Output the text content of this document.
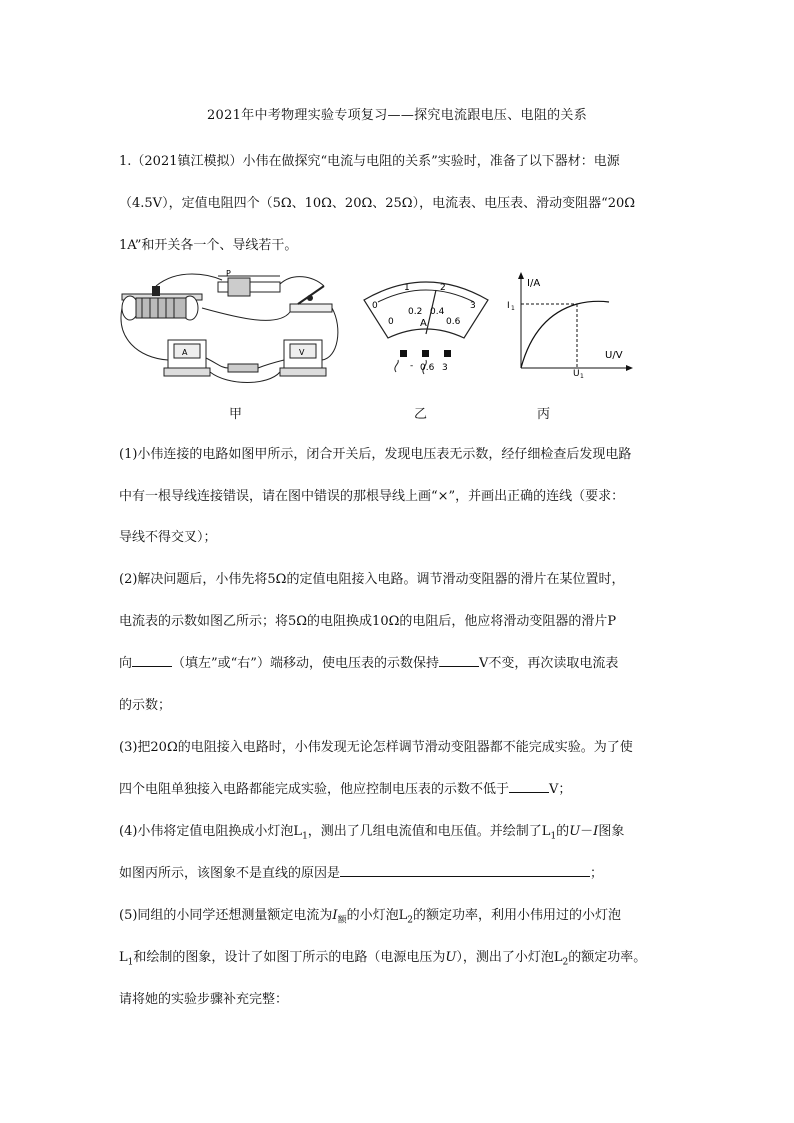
2021年中考物理实验专项复习——探究电流跟电压、电阻的关系
1.（2021镇江模拟）小伟在做探究“电流与电阻的关系”实验时，准备了以下器材：电源
（4.5V），定值电阻四个（5Ω、10Ω、20Ω、25Ω），电流表、电压表、滑动变阻器“20Ω
1A”和开关各一个、导线若干。
P
A	V
0
1	2
3
0
0.2 0.4
0.6
A
- 0.6 3
I/A
U/V
I 1
U 1
甲	乙	丙
(1)小伟连接的电路如图甲所示，闭合开关后，发现电压表无示数，经仔细检查后发现电路
中有一根导线连接错误，请在图中错误的那根导线上画“×”，并画出正确的连线（要求：
导线不得交叉）；
(2)解决问题后，小伟先将5Ω的定值电阻接入电路。调节滑动变阻器的滑片在某位置时，
电流表的示数如图乙所示；将5Ω的电阻换成10Ω的电阻后，他应将滑动变阻器的滑片P
向	（填左”或“右”）端移动，使电压表的示数保持	V不变，再次读取电流表
的示数；
(3)把20Ω的电阻接入电路时，小伟发现无论怎样调节滑动变阻器都不能完成实验。为了使
四个电阻单独接入电路都能完成实验，他应控制电压表的示数不低于	V；
(4)小伟将定值电阻换成小灯泡$L_1$，测出了几组电流值和电压值。并绘制了$L_1$的U－I图象
如图丙所示，该图象不是直线的原因是	；
(5)同组的小同学还想测量额定电流为$I_额$的小灯泡$L_2$的额定功率，利用小伟用过的小灯泡
$L_1$和绘制的图象，设计了如图丁所示的电路（电源电压为U），测出了小灯泡$L_2$的额定功率。
请将她的实验步骤补充完整：
